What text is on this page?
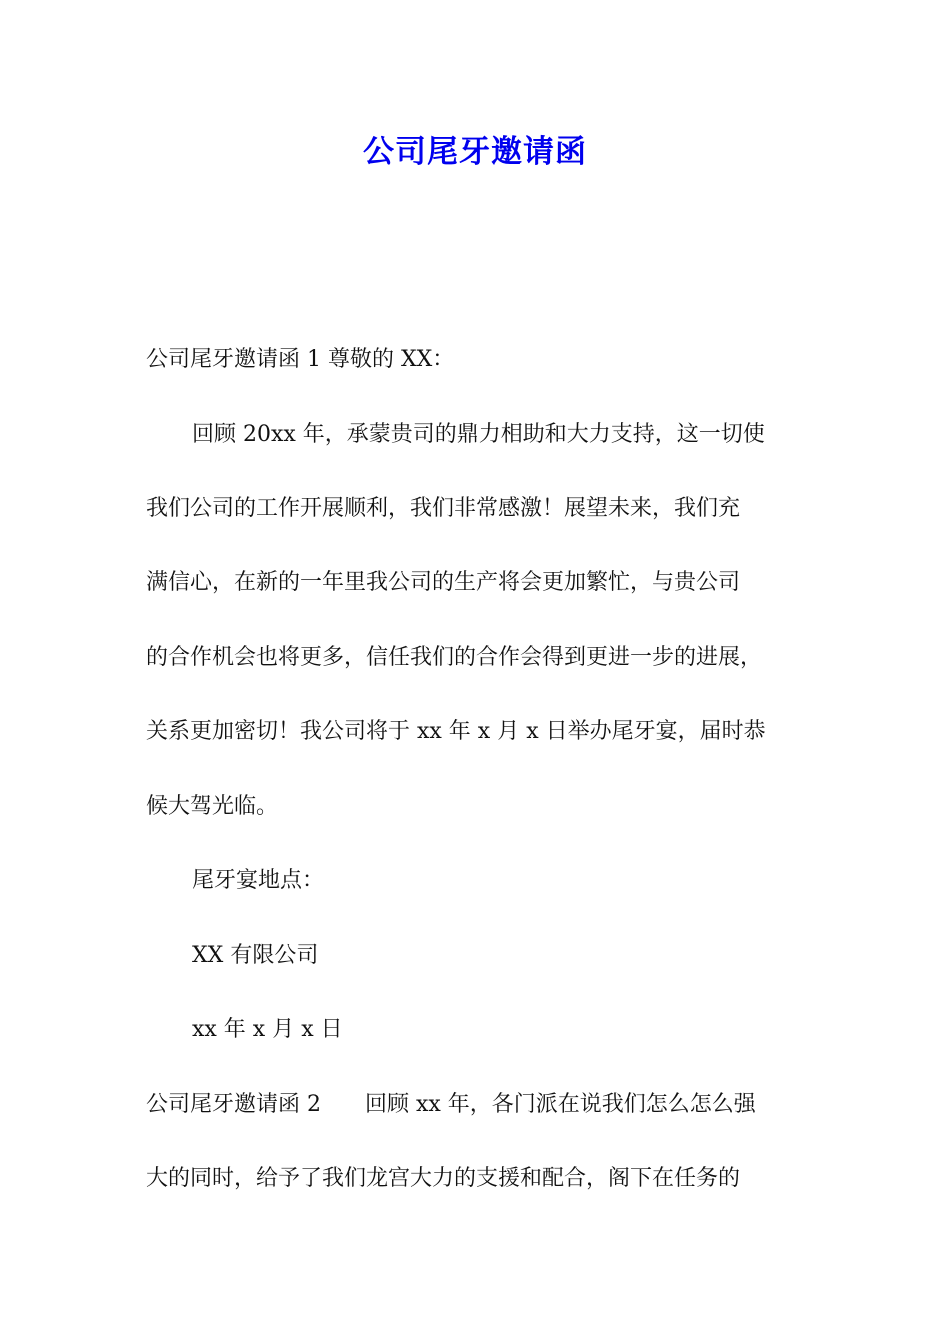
公司尾牙邀请函
公司尾牙邀请函 1 尊敬的 XX：
回顾 20xx 年，承蒙贵司的鼎力相助和大力支持，这一切使
我们公司的工作开展顺利，我们非常感激！展望未来，我们充
满信心，在新的一年里我公司的生产将会更加繁忙，与贵公司
的合作机会也将更多，信任我们的合作会得到更进一步的进展，
关系更加密切！我公司将于 xx 年 x 月 x 日举办尾牙宴，届时恭
候大驾光临。
尾牙宴地点：
XX 有限公司
xx 年 x 月 x 日
公司尾牙邀请函 2　　回顾 xx 年，各门派在说我们怎么怎么强
大的同时，给予了我们龙宫大力的支援和配合，阁下在任务的
